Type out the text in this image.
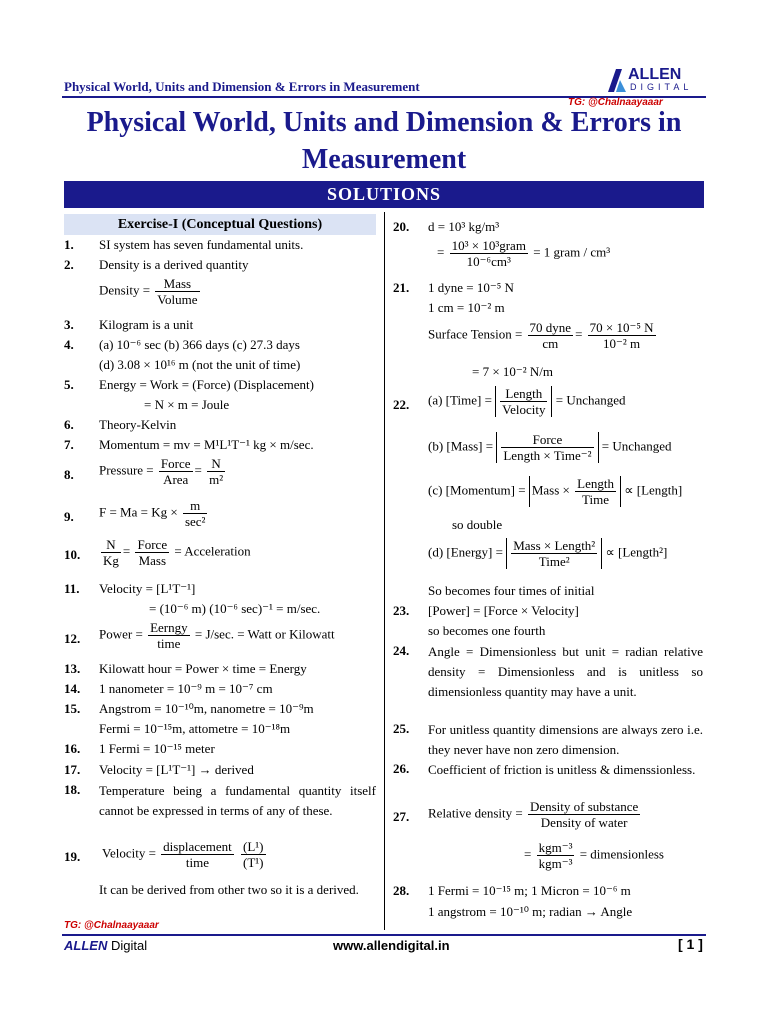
Physical World, Units and Dimension & Errors in Measurement
ALLEN
DIGITAL
TG: @Chalnaayaaar
Physical World, Units and Dimension & Errors in Measurement
SOLUTIONS
Exercise-I (Conceptual Questions)
1. SI system has seven fundamental units.
2. Density is a derived quantity
Density = $\frac{\text{Mass}}{\text{Volume}}$
3. Kilogram is a unit
4. (a) 10⁻⁶ sec (b) 366 days (c) 27.3 days
(d) 3.08 × 10¹⁶ m (not the unit of time)
5. Energy = Work = (Force) (Displacement)
= N × m = Joule
6. Theory-Kelvin
7. Momentum = mv = M¹L¹T⁻¹ kg × m/sec.
8. Pressure = $\frac{\text{Force}}{\text{Area}} = \frac{N}{\text{m²}}$
9. $F = Ma = Kg \times \frac{m}{\text{sec²}}$
10. $\frac{N}{Kg} = \frac{\text{Force}}{\text{Mass}}$ = Acceleration
11. Velocity = [L¹T⁻¹]
= (10⁻⁶ m) (10⁻⁶ sec)⁻¹ = m/sec.
12. Power = $\frac{\text{Eerngy}}{\text{time}} = J/\sec$. = Watt or Kilowatt
13. Kilowatt hour = Power × time = Energy
14. 1 nanometer = 10⁻⁹ m = 10⁻⁷ cm
15. Angstrom = 10⁻¹⁰m, nanometre = 10⁻⁹m
Fermi = 10⁻¹⁵m, attometre = 10⁻¹⁸m
16. 1 Fermi = 10⁻¹⁵ meter
17. Velocity = [L¹T⁻¹] → derived
18. Temperature being a fundamental quantity itself cannot be expressed in terms of any of these.
19. Velocity = $\frac{\text{displacement}}{\text{time}}$
$\frac{\text{(L¹)}}{\text{(T¹)}}$
It can be derived from other two so it is a derived.
20. d = 10³ kg/m³
= $\frac{\text{10³ × 10³gram}}{\text{10⁻⁶cm³}} = 1$ gram / cm³
21. 1 dyne = 10⁻⁵ N
1 cm = 10⁻² m
Surface Tension = $\frac{\text{70 dyne}}{cm} = \frac{\text{70 × 10⁻⁵ N}}{\text{10⁻² m}}$
= 7 × 10⁻² N/m
22. (a) [Time] = $\frac{\text{Length}}{\text{Velocity}}$ = Unchanged
(b) [Mass] = $\frac{\text{Force}}{\text{Length × Time⁻²}}$ = Unchanged
(c) [Momentum] = Mass × $\frac{\text{Length}}{\text{Time}}$ ∝ [Length]
so double
(d) [Energy] = $\frac{\text{Mass × Length²}}{\text{Time²}}$ ∝ [Length²]
So becomes four times of initial
23. [Power] = [Force × Velocity]
so becomes one fourth
24. Angle = Dimensionless but unit = radian relative density = Dimensionless and is unitless so dimensionless quantity may have a unit.
25. For unitless quantity dimensions are always zero i.e. they never have non zero dimension.
26. Coefficient of friction is unitless & dimenssionless.
27. Relative density = $\frac{\text{Density of substance}}{\text{Density of water}}$
= $\frac{\text{kgm⁻³}}{\text{kgm⁻³}}$ = dimensionless
28. 1 Fermi = 10⁻¹⁵ m; 1 Micron = 10⁻⁶ m
1 angstrom = 10⁻¹⁰ m; radian → Angle
TG: @Chalnaayaaar
ALLEN Digital	www.allendigital.in	[ 1 ]
